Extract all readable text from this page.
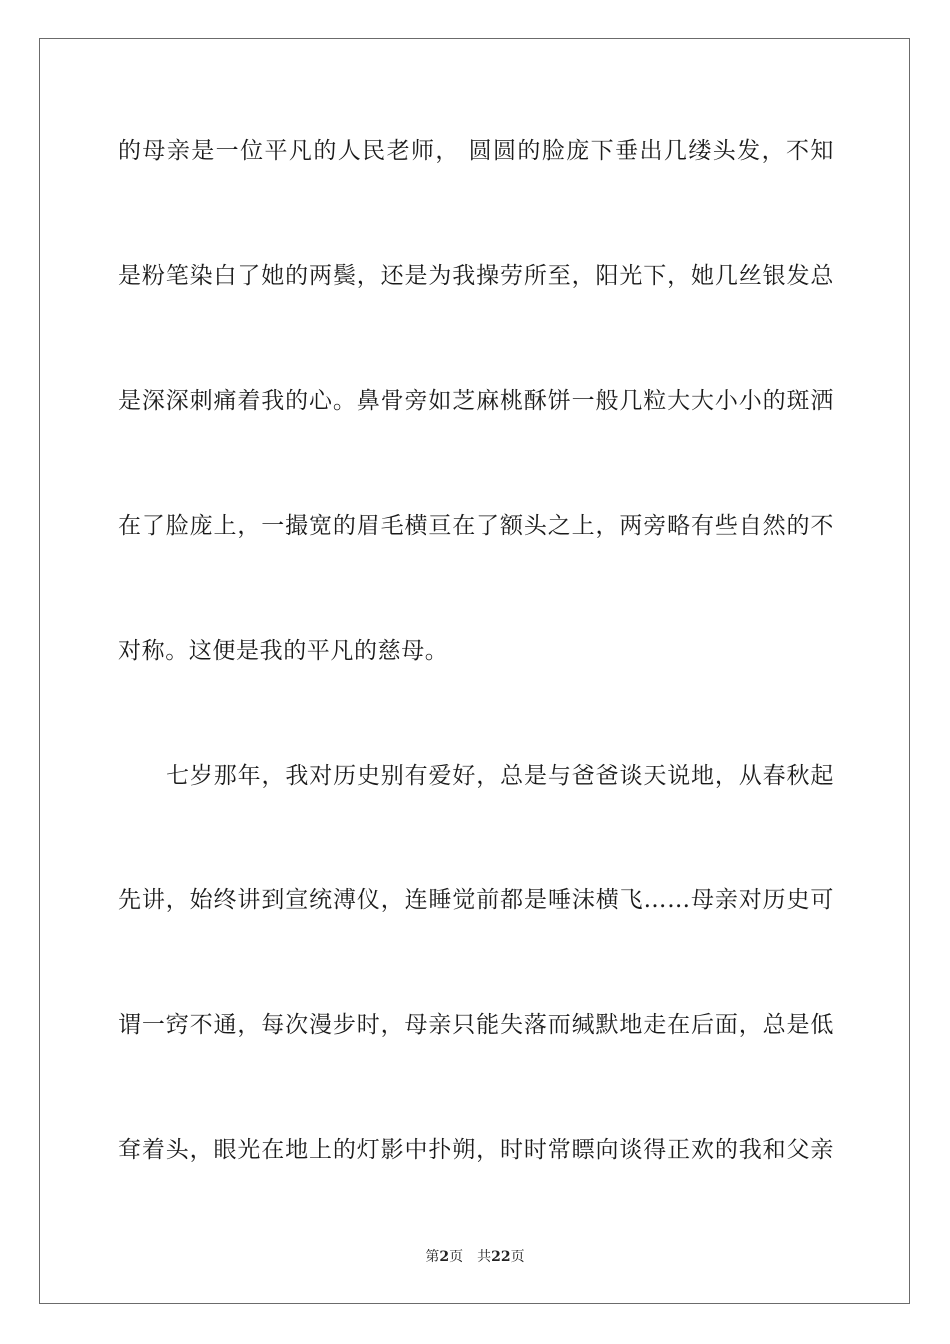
的母亲是一位平凡的人民老师， 圆圆的脸庞下垂出几缕头发，不知
是粉笔染白了她的两鬓，还是为我操劳所至，阳光下，她几丝银发总
是深深刺痛着我的心。鼻骨旁如芝麻桃酥饼一般几粒大大小小的斑洒
在了脸庞上，一撮宽的眉毛横亘在了额头之上，两旁略有些自然的不
对称。这便是我的平凡的慈母。
七岁那年，我对历史别有爱好，总是与爸爸谈天说地，从春秋起
先讲，始终讲到宣统溥仪，连睡觉前都是唾沫横飞……母亲对历史可
谓一窍不通，每次漫步时，母亲只能失落而缄默地走在后面，总是低
耷着头，眼光在地上的灯影中扑朔，时时常瞟向谈得正欢的我和父亲
第2页 共22页
